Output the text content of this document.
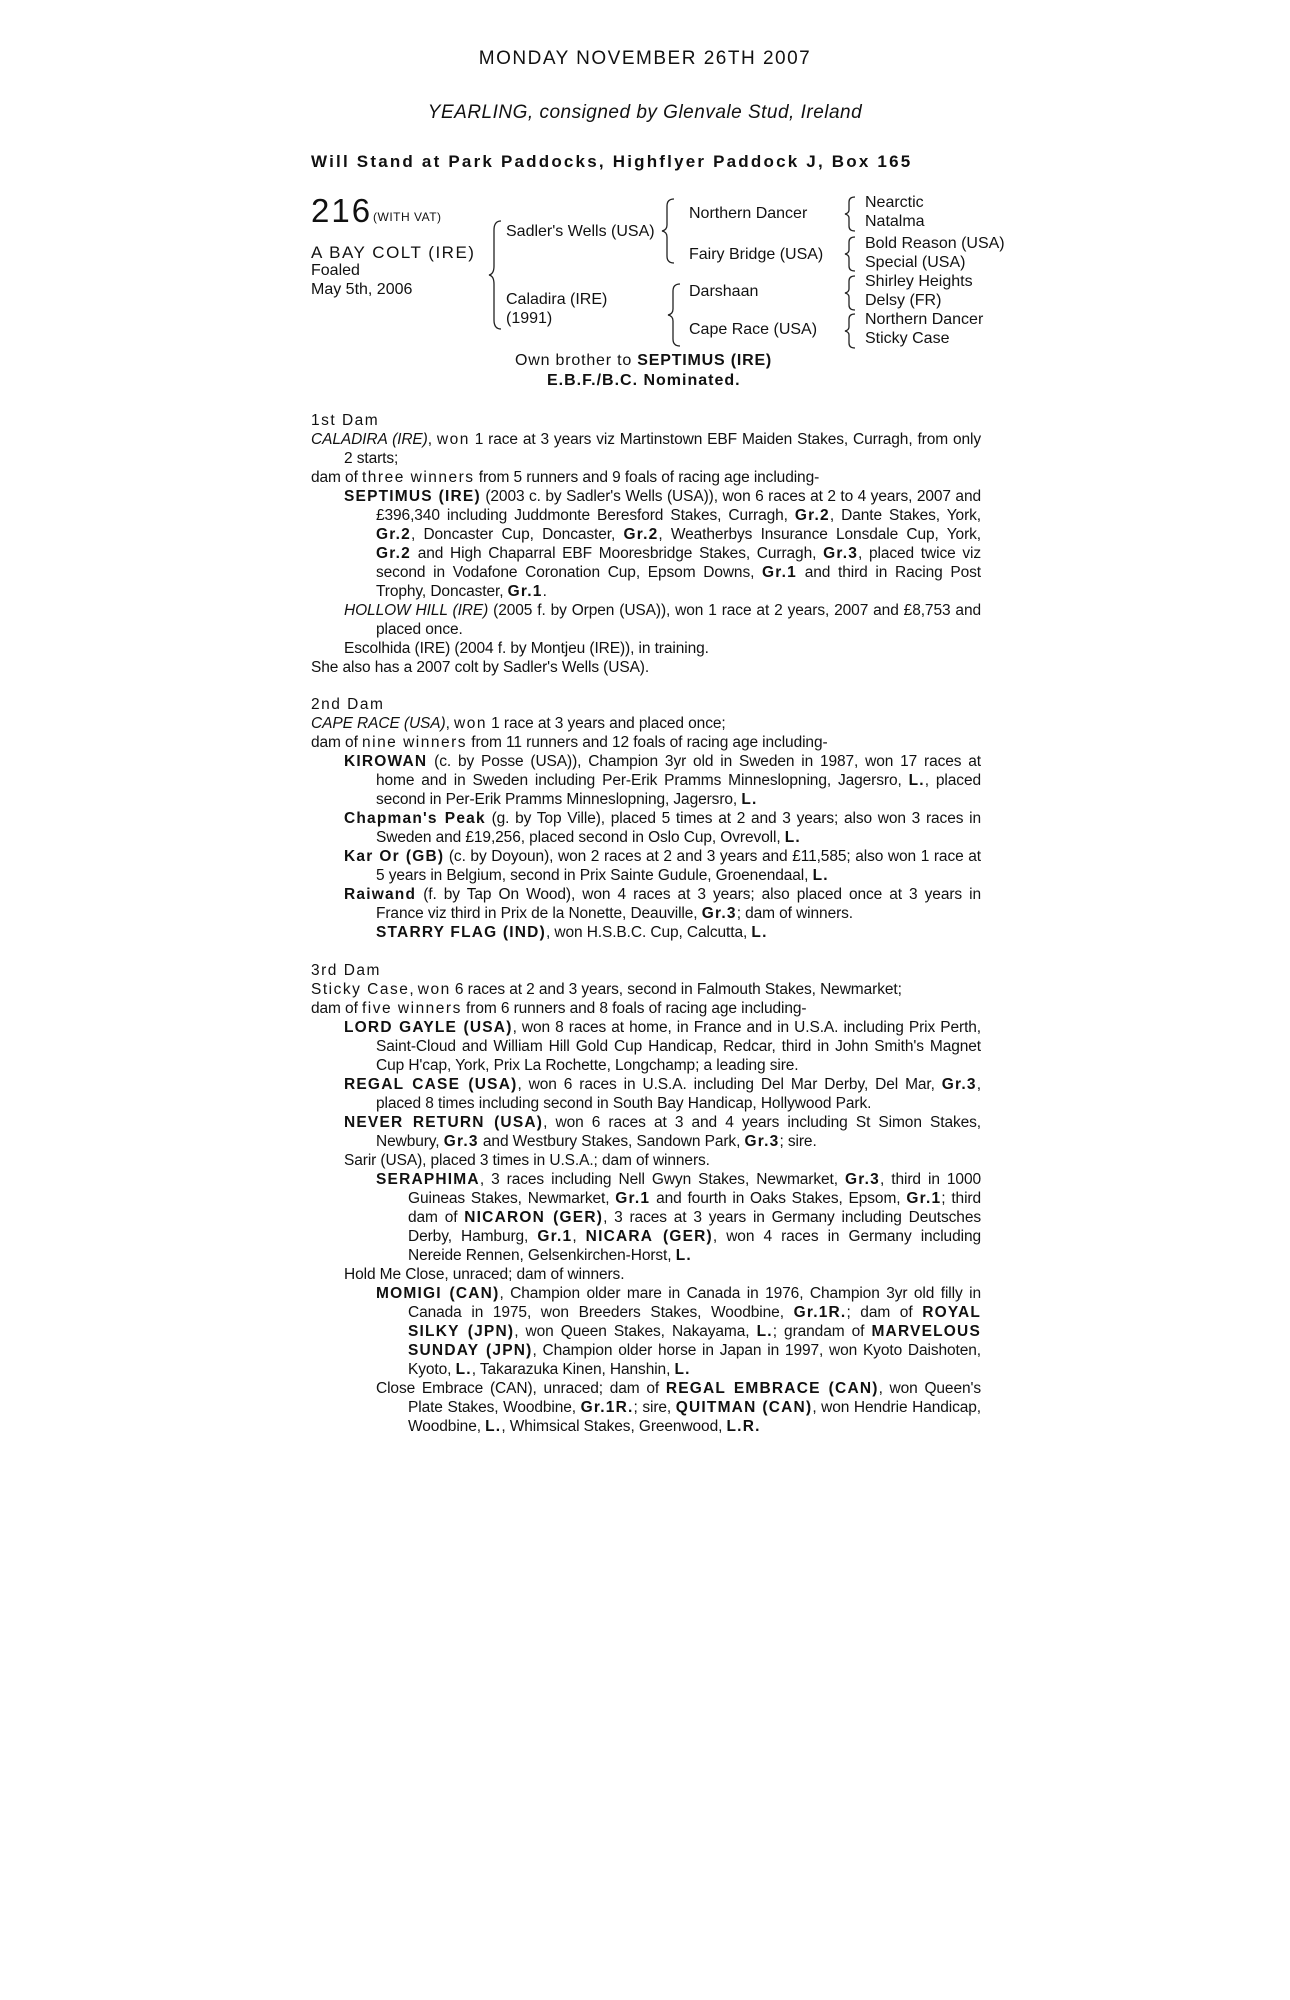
MONDAY NOVEMBER 26TH 2007
YEARLING, consigned by Glenvale Stud, Ireland
Will Stand at Park Paddocks, Highflyer Paddock J, Box 165
216 (WITH VAT)
A BAY COLT (IRE)
Foaled
May 5th, 2006
Sadler's Wells (USA)
Caladira (IRE)
(1991)
Northern Dancer
Fairy Bridge (USA)
Darshaan
Cape Race (USA)
Nearctic
Natalma
Bold Reason (USA)
Special (USA)
Shirley Heights
Delsy (FR)
Northern Dancer
Sticky Case
Own brother to SEPTIMUS (IRE)
E.B.F./B.C. Nominated.

1st Dam

CALADIRA (IRE), won 1 race at 3 years viz Martinstown EBF Maiden Stakes, Curragh, from only 2 starts;

dam of three winners from 5 runners and 9 foals of racing age including-

SEPTIMUS (IRE) (2003 c. by Sadler's Wells (USA)), won 6 races at 2 to 4 years, 2007 and £396,340 including Juddmonte Beresford Stakes, Curragh, Gr.2, Dante Stakes, York, Gr.2, Doncaster Cup, Doncaster, Gr.2, Weatherbys Insurance Lonsdale Cup, York, Gr.2 and High Chaparral EBF Mooresbridge Stakes, Curragh, Gr.3, placed twice viz second in Vodafone Coronation Cup, Epsom Downs, Gr.1 and third in Racing Post Trophy, Doncaster, Gr.1.

HOLLOW HILL (IRE) (2005 f. by Orpen (USA)), won 1 race at 2 years, 2007 and £8,753 and placed once.

Escolhida (IRE) (2004 f. by Montjeu (IRE)), in training.

She also has a 2007 colt by Sadler's Wells (USA).

2nd Dam

CAPE RACE (USA), won 1 race at 3 years and placed once;

dam of nine winners from 11 runners and 12 foals of racing age including-

KIROWAN (c. by Posse (USA)), Champion 3yr old in Sweden in 1987, won 17 races at home and in Sweden including Per-Erik Pramms Minneslopning, Jagersro, L., placed second in Per-Erik Pramms Minneslopning, Jagersro, L.

Chapman's Peak (g. by Top Ville), placed 5 times at 2 and 3 years; also won 3 races in Sweden and £19,256, placed second in Oslo Cup, Ovrevoll, L.

Kar Or (GB) (c. by Doyoun), won 2 races at 2 and 3 years and £11,585; also won 1 race at 5 years in Belgium, second in Prix Sainte Gudule, Groenendaal, L.

Raiwand (f. by Tap On Wood), won 4 races at 3 years; also placed once at 3 years in France viz third in Prix de la Nonette, Deauville, Gr.3; dam of winners.

STARRY FLAG (IND), won H.S.B.C. Cup, Calcutta, L.

3rd Dam

Sticky Case, won 6 races at 2 and 3 years, second in Falmouth Stakes, Newmarket;

dam of five winners from 6 runners and 8 foals of racing age including-

LORD GAYLE (USA), won 8 races at home, in France and in U.S.A. including Prix Perth, Saint-Cloud and William Hill Gold Cup Handicap, Redcar, third in John Smith's Magnet Cup H'cap, York, Prix La Rochette, Longchamp; a leading sire.

REGAL CASE (USA), won 6 races in U.S.A. including Del Mar Derby, Del Mar, Gr.3, placed 8 times including second in South Bay Handicap, Hollywood Park.

NEVER RETURN (USA), won 6 races at 3 and 4 years including St Simon Stakes, Newbury, Gr.3 and Westbury Stakes, Sandown Park, Gr.3; sire.

Sarir (USA), placed 3 times in U.S.A.; dam of winners.

SERAPHIMA, 3 races including Nell Gwyn Stakes, Newmarket, Gr.3, third in 1000 Guineas Stakes, Newmarket, Gr.1 and fourth in Oaks Stakes, Epsom, Gr.1; third dam of NICARON (GER), 3 races at 3 years in Germany including Deutsches Derby, Hamburg, Gr.1, NICARA (GER), won 4 races in Germany including Nereide Rennen, Gelsenkirchen-Horst, L.

Hold Me Close, unraced; dam of winners.

MOMIGI (CAN), Champion older mare in Canada in 1976, Champion 3yr old filly in Canada in 1975, won Breeders Stakes, Woodbine, Gr.1R.; dam of ROYAL SILKY (JPN), won Queen Stakes, Nakayama, L.; grandam of MARVELOUS SUNDAY (JPN), Champion older horse in Japan in 1997, won Kyoto Daishoten, Kyoto, L., Takarazuka Kinen, Hanshin, L.

Close Embrace (CAN), unraced; dam of REGAL EMBRACE (CAN), won Queen's Plate Stakes, Woodbine, Gr.1R.; sire, QUITMAN (CAN), won Hendrie Handicap, Woodbine, L., Whimsical Stakes, Greenwood, L.R.
